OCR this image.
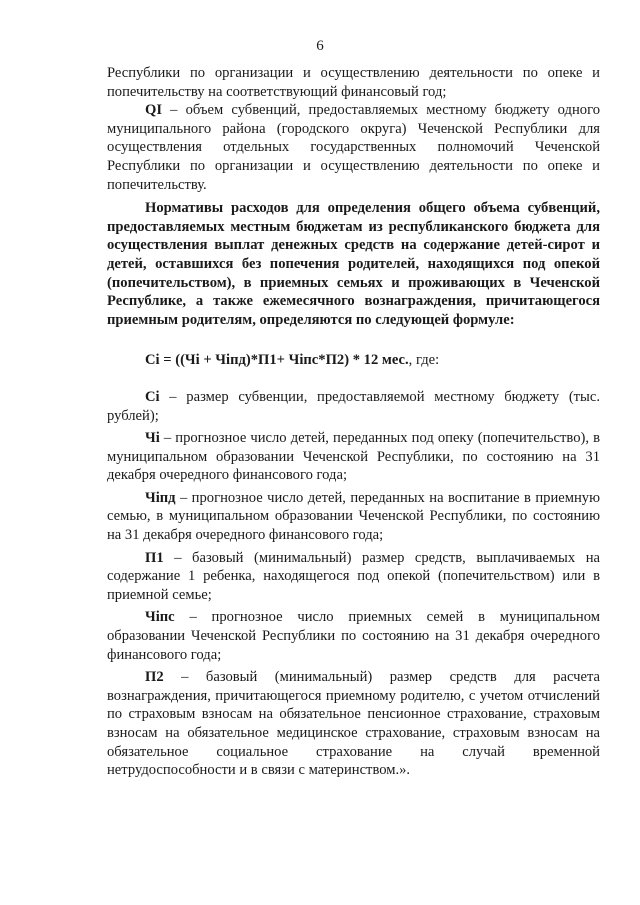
6

Республики по организации и осуществлению деятельности по опеке и попечительству на соответствующий финансовый год;

QI – объем субвенций, предоставляемых местному бюджету одного муниципального района (городского округа) Чеченской Республики для осуществления отдельных государственных полномочий Чеченской Республики по организации и осуществлению деятельности по опеке и попечительству.

Нормативы расходов для определения общего объема субвенций, предоставляемых местным бюджетам из республиканского бюджета для осуществления выплат денежных средств на содержание детей-сирот и детей, оставшихся без попечения родителей, находящихся под опекой (попечительством), в приемных семьях и проживающих в Чеченской Республике, а также ежемесячного вознаграждения, причитающегося приемным родителям, определяются по следующей формуле:

Ci = ((Чi + Чiпд)*П1+ Чiпс*П2) * 12 мес., где:

Ci – размер субвенции, предоставляемой местному бюджету (тыс. рублей);

Чi – прогнозное число детей, переданных под опеку (попечительство), в муниципальном образовании Чеченской Республики, по состоянию на 31 декабря очередного финансового года;

Чiпд – прогнозное число детей, переданных на воспитание в приемную семью, в муниципальном образовании Чеченской Республики, по состоянию на 31 декабря очередного финансового года;

П1 – базовый (минимальный) размер средств, выплачиваемых на содержание 1 ребенка, находящегося под опекой (попечительством) или в приемной семье;

Чiпс – прогнозное число приемных семей в муниципальном образовании Чеченской Республики по состоянию на 31 декабря очередного финансового года;

П2 – базовый (минимальный) размер средств для расчета вознаграждения, причитающегося приемному родителю, с учетом отчислений по страховым взносам на обязательное пенсионное страхование, страховым взносам на обязательное медицинское страхование, страховым взносам на обязательное социальное страхование на случай временной нетрудоспособности и в связи с материнством.».
